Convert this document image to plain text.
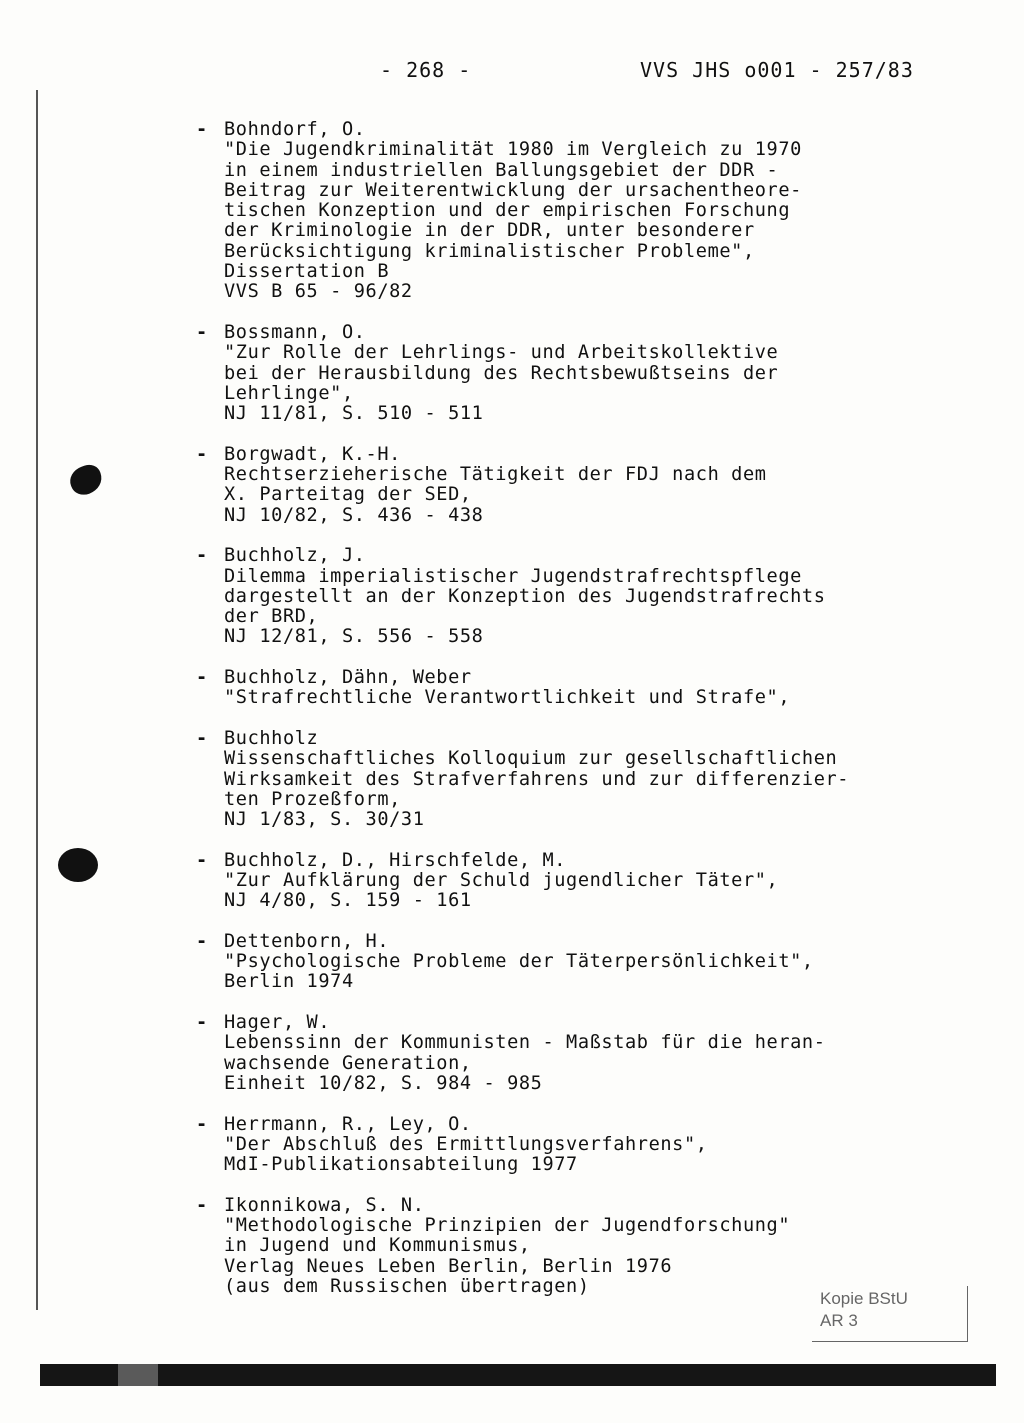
- 268 -	VVS JHS o001 - 257/83
- Bohndorf, O.
"Die Jugendkriminalität 1980 im Vergleich zu 1970
in einem industriellen Ballungsgebiet der DDR -
Beitrag zur Weiterentwicklung der ursachentheore-
tischen Konzeption und der empirischen Forschung
der Kriminologie in der DDR, unter besonderer
Berücksichtigung kriminalistischer Probleme",
Dissertation B
VVS B 65 - 96/82
- Bossmann, O.
"Zur Rolle der Lehrlings- und Arbeitskollektive
bei der Herausbildung des Rechtsbewußtseins der
Lehrlinge",
NJ 11/81, S. 510 - 511
- Borgwadt, K.-H.
Rechtserzieherische Tätigkeit der FDJ nach dem
X. Parteitag der SED,
NJ 10/82, S. 436 - 438
- Buchholz, J.
Dilemma imperialistischer Jugendstrafrechtspflege
dargestellt an der Konzeption des Jugendstrafrechts
der BRD,
NJ 12/81, S. 556 - 558
- Buchholz, Dähn, Weber
"Strafrechtliche Verantwortlichkeit und Strafe",
- Buchholz
Wissenschaftliches Kolloquium zur gesellschaftlichen
Wirksamkeit des Strafverfahrens und zur differenzier-
ten Prozeßform,
NJ 1/83, S. 30/31
- Buchholz, D., Hirschfelde, M.
"Zur Aufklärung der Schuld jugendlicher Täter",
NJ 4/80, S. 159 - 161
- Dettenborn, H.
"Psychologische Probleme der Täterpersönlichkeit",
Berlin 1974
- Hager, W.
Lebenssinn der Kommunisten - Maßstab für die heran-
wachsende Generation,
Einheit 10/82, S. 984 - 985
- Herrmann, R., Ley, O.
"Der Abschluß des Ermittlungsverfahrens",
MdI-Publikationsabteilung 1977
- Ikonnikowa, S. N.
"Methodologische Prinzipien der Jugendforschung"
in Jugend und Kommunismus,
Verlag Neues Leben Berlin, Berlin 1976
(aus dem Russischen übertragen)
Kopie BStU
AR 3
